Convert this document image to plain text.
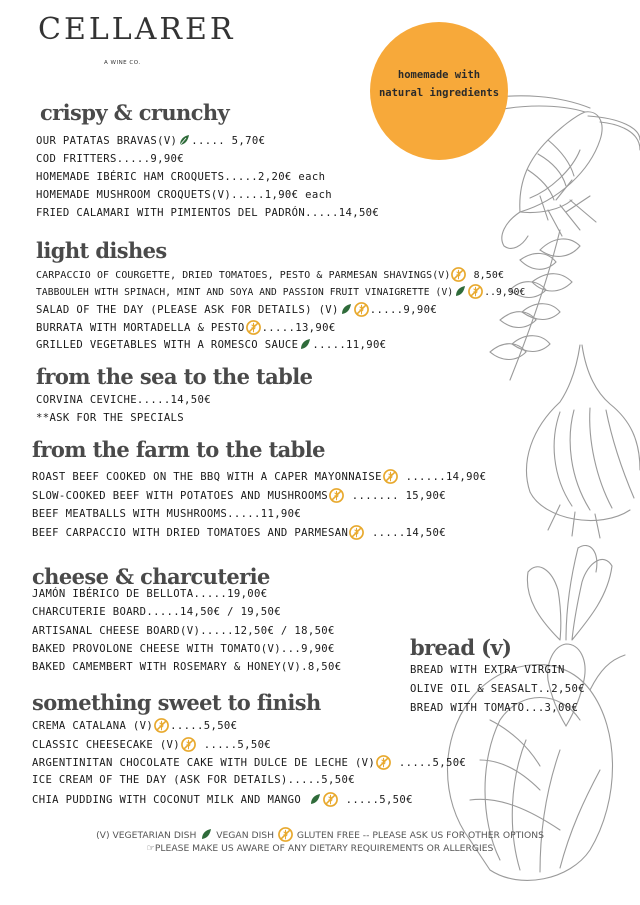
CELLARER
A WINE CO.
homemade with
natural ingredients
crispy & crunchy
OUR PATATAS BRAVAS(V) ..... 5,70€
COD FRITTERS.....9,90€
HOMEMADE IBÉRIC HAM CROQUETS.....2,20€ each
HOMEMADE MUSHROOM CROQUETS(V).....1,90€ each
FRIED CALAMARI WITH PIMIENTOS DEL PADRÓN.....14,50€
light dishes
CARPACCIO OF COURGETTE, DRIED TOMATOES, PESTO & PARMESAN SHAVINGS(V) 8,50€
TABBOULEH WITH SPINACH, MINT AND SOYA AND PASSION FRUIT VINAIGRETTE (V)	..9,90€
SALAD OF THE DAY (PLEASE ASK FOR DETAILS) (V)	.....9,90€
BURRATA WITH MORTADELLA & PESTO .....13,90€
GRILLED VEGETABLES WITH A ROMESCO SAUCE .....11,90€
from the sea to the table
CORVINA CEVICHE.....14,50€
**ASK FOR THE SPECIALS
from the farm to the table
ROAST BEEF COOKED ON THE BBQ WITH A CAPER MAYONNAISE ......14,90€
SLOW-COOKED BEEF WITH POTATOES AND MUSHROOMS ....... 15,90€
BEEF MEATBALLS WITH MUSHROOMS.....11,90€
BEEF CARPACCIO WITH DRIED TOMATOES AND PARMESAN .....14,50€
cheese & charcuterie
JAMÓN IBÉRICO DE BELLOTA.....19,00€
CHARCUTERIE BOARD.....14,50€ / 19,50€
ARTISANAL CHEESE BOARD(V).....12,50€ / 18,50€
BAKED PROVOLONE CHEESE WITH TOMATO(V)...9,90€
BAKED CAMEMBERT WITH ROSEMARY & HONEY(V).8,50€
bread (v)
BREAD WITH EXTRA VIRGIN
OLIVE OIL & SEASALT..2,50€
BREAD WITH TOMATO...3,00€
something sweet to finish
CREMA CATALANA (V) .....5,50€
CLASSIC CHEESECAKE (V) .....5,50€
ARGENTINITAN CHOCOLATE CAKE WITH DULCE DE LECHE (V) .....5,50€
ICE CREAM OF THE DAY (ASK FOR DETAILS).....5,50€
CHIA PUDDING WITH COCONUT MILK AND MANGO	.....5,50€
(V) VEGETARIAN DISH VEGAN DISH GLUTEN FREE -- PLEASE ASK US FOR OTHER OPTIONS
☞PLEASE MAKE US AWARE OF ANY DIETARY REQUIREMENTS OR ALLERGIES
